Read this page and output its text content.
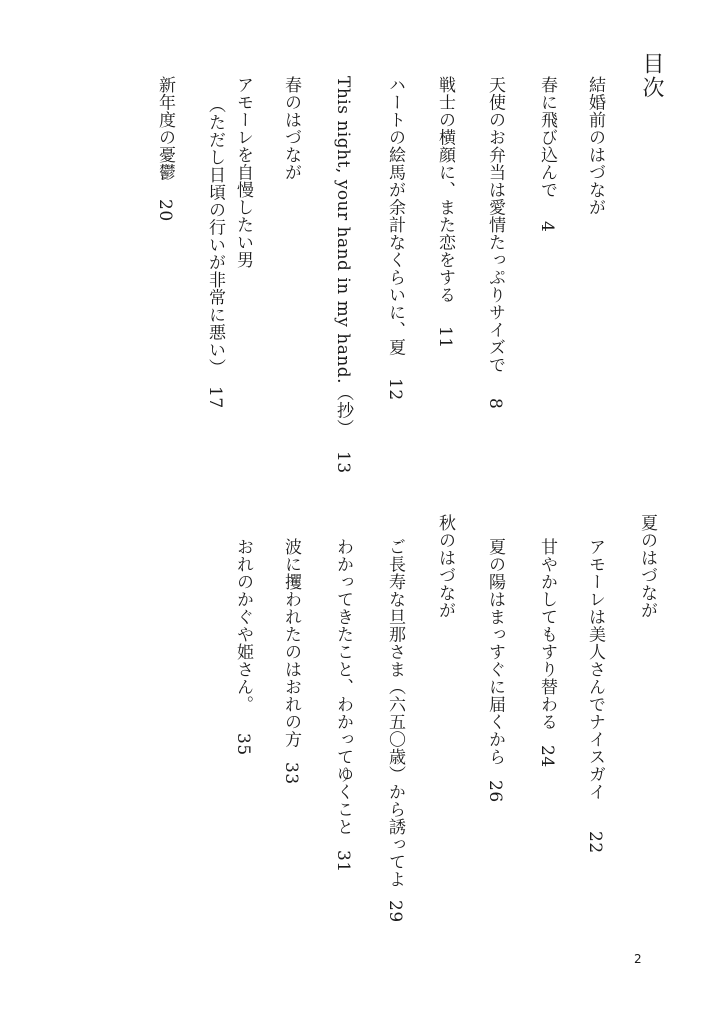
目次
結婚前のはづなが
春に飛び込んで4
天使のお弁当は愛情たっぷりサイズで8
戦士の横顔に、また恋をする11
ハートの絵馬が余計なくらいに、夏12
This night, your hand in my hand.（抄）13
春のはづなが
アモーレを自慢したい男
（ただし日頃の行いが非常に悪い）17
新年度の憂鬱20
夏のはづなが
アモーレは美人さんでナイスガイ22
甘やかしてもすり替わる24
夏の陽はまっすぐに届くから26
秋のはづなが
ご長寿な旦那さま（六五〇歳）から誘ってよ29
わかってきたこと、わかってゆくこと31
波に攫われたのはおれの方33
おれのかぐや姫さん。35
2
